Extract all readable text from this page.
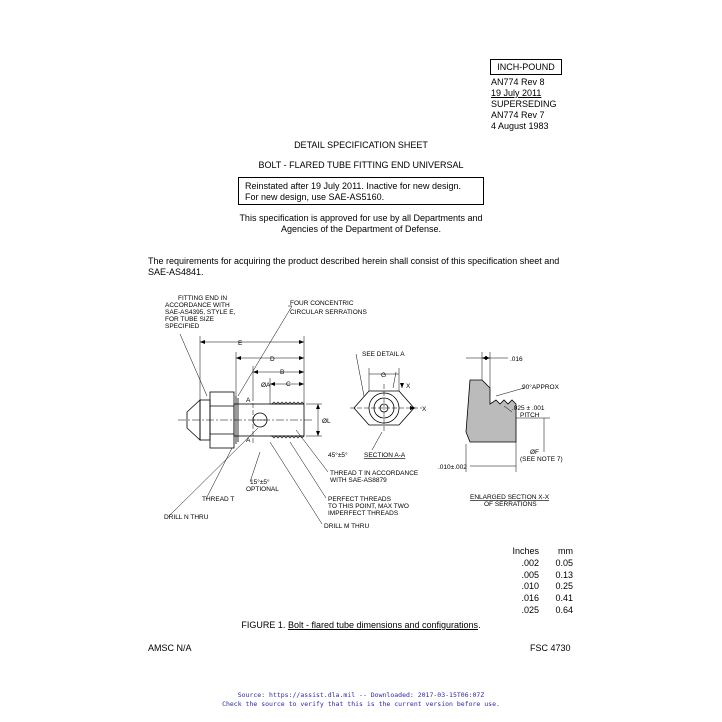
INCH-POUND
AN774 Rev 8
19 July 2011
SUPERSEDING
AN774 Rev 7
4 August 1983
DETAIL SPECIFICATION SHEET
BOLT - FLARED TUBE FITTING END UNIVERSAL
Reinstated after 19 July 2011. Inactive for new design.
For new design, use SAE-AS5160.
This specification is approved for use by all Departments and
Agencies of the Department of Defense.
The requirements for acquiring the product described herein shall consist of this specification sheet and
SAE-AS4841.
FITTING END IN
ACCORDANCE WITH
SAE-AS4395, STYLE E,
FOR TUBE SIZE
SPECIFIED
FOUR CONCENTRIC
CIRCULAR SERRATIONS
E
D
B
C
ØA
ØL
A
A
SEE DETAIL A
G
X
X
45°±5°	SECTION A-A
THREAD T IN ACCORDANCE
WITH SAE-AS8879
15°±5°
OPTIONAL
THREAD T	PERFECT THREADS
TO THIS POINT, MAX TWO
IMPERFECT THREADS
DRILL N THRU
DRILL M THRU
.016
90°APPROX
.025 ± .001
PITCH
ØF
(SEE NOTE 7)
.010±.002
ENLARGED SECTION X-X
OF SERRATIONS
Inches	mm
.002	0.05
.005	0.13
.010	0.25
.016	0.41
.025	0.64
FIGURE 1. Bolt - flared tube dimensions and configurations.
AMSC N/A	FSC 4730
Source: https://assist.dla.mil -- Downloaded: 2017-03-15T06:07Z
Check the source to verify that this is the current version before use.
